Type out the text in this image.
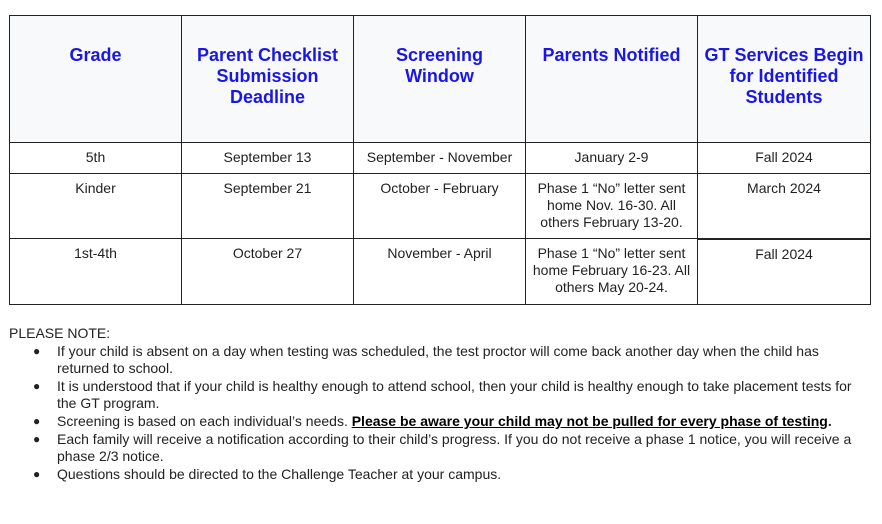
Grade	Parent Checklist Submission Deadline	Screening Window	Parents Notified	GT Services Begin for Identified Students

5th	September 13	September - November	January 2-9	Fall 2024
Kinder	September 21	October - February	Phase 1 “No” letter sent home Nov. 16-30. All others February 13-20.	March 2024
1st-4th	October 27	November - April	Phase 1 “No” letter sent home February 16-23. All others May 20-24.	Fall 2024
PLEASE NOTE:
● If your child is absent on a day when testing was scheduled, the test proctor will come back another day when the child has returned to school.
● It is understood that if your child is healthy enough to attend school, then your child is healthy enough to take placement tests for the GT program.
● Screening is based on each individual’s needs. Please be aware your child may not be pulled for every phase of testing.
● Each family will receive a notification according to their child’s progress. If you do not receive a phase 1 notice, you will receive a phase 2/3 notice.
● Questions should be directed to the Challenge Teacher at your campus.
